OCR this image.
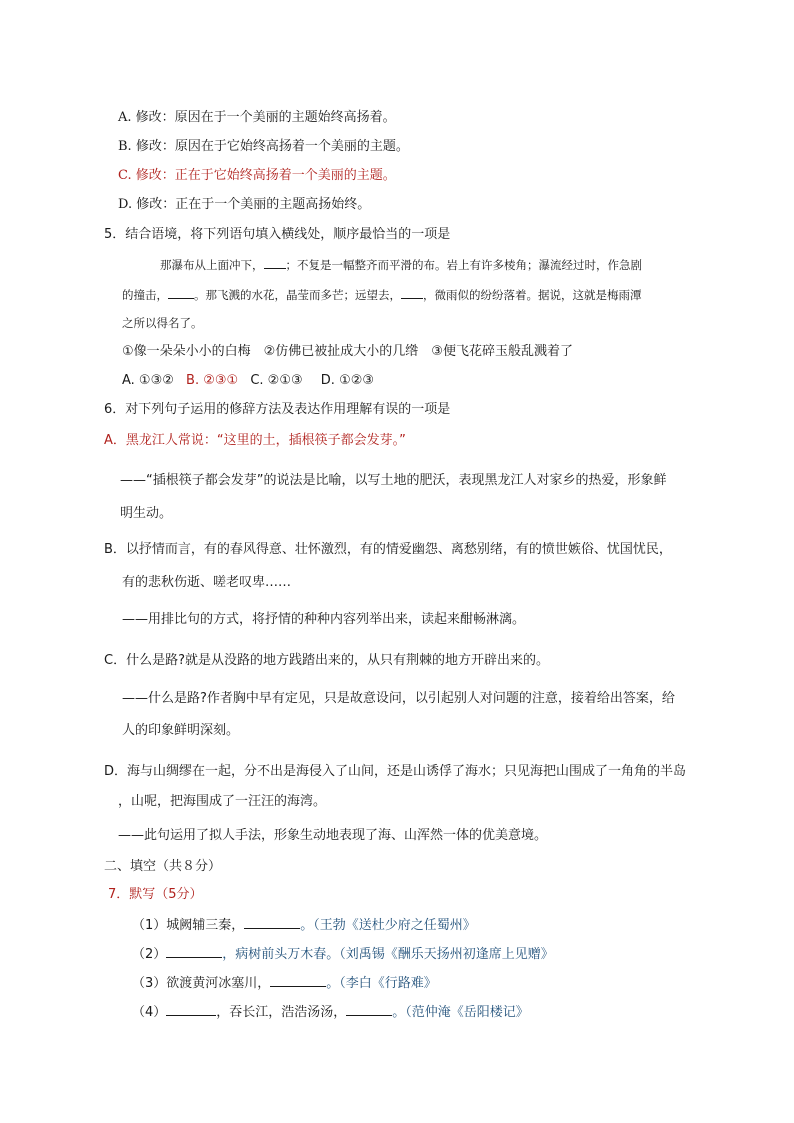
A. 修改：原因在于一个美丽的主题始终高扬着。
B. 修改：原因在于它始终高扬着一个美丽的主题。
C. 修改：正在于它始终高扬着一个美丽的主题。
D. 修改：正在于一个美丽的主题高扬始终。
5．结合语境，将下列语句填入横线处，顺序最恰当的一项是
那瀑布从上面冲下， ；不复是一幅整齐而平滑的布。岩上有许多棱角；瀑流经过时，作急剧
的撞击， 。那飞溅的水花，晶莹而多芒；远望去， ，微雨似的纷纷落着。据说，这就是梅雨潭
之所以得名了。
①像一朵朵小小的白梅　②仿佛已被扯成大小的几绺　③便飞花碎玉般乱溅着了
A. ①③② B. ②③① C. ②①③ D. ①②③
6．对下列句子运用的修辞方法及表达作用理解有误的一项是
A．黑龙江人常说：“这里的土，插根筷子都会发芽。”
——“插根筷子都会发芽”的说法是比喻，以写土地的肥沃，表现黑龙江人对家乡的热爱，形象鲜
明生动。
B．以抒情而言，有的春风得意、壮怀激烈，有的情爱幽怨、离愁别绪，有的愤世嫉俗、忧国忧民，
有的悲秋伤逝、嗟老叹卑……
——用排比句的方式，将抒情的种种内容列举出来，读起来酣畅淋漓。
C．什么是路?就是从没路的地方践踏出来的，从只有荆棘的地方开辟出来的。
——什么是路?作者胸中早有定见，只是故意设问，以引起别人对问题的注意，接着给出答案，给
人的印象鲜明深刻。
D．海与山绸缪在一起，分不出是海侵入了山间，还是山诱俘了海水；只见海把山围成了一角角的半岛
，山呢，把海围成了一汪汪的海湾。
——此句运用了拟人手法，形象生动地表现了海、山浑然一体的优美意境。
二、填空（共８分）
7．默写（5分）
（1）城阙辅三秦，	。（王勃《送杜少府之任蜀州》
（2）	，病树前头万木春。（刘禹锡《酬乐天扬州初逢席上见赠》
（3）欲渡黄河冰塞川，	。（李白《行路难》
（4）	，吞长江，浩浩汤汤，	。（范仲淹《岳阳楼记》
